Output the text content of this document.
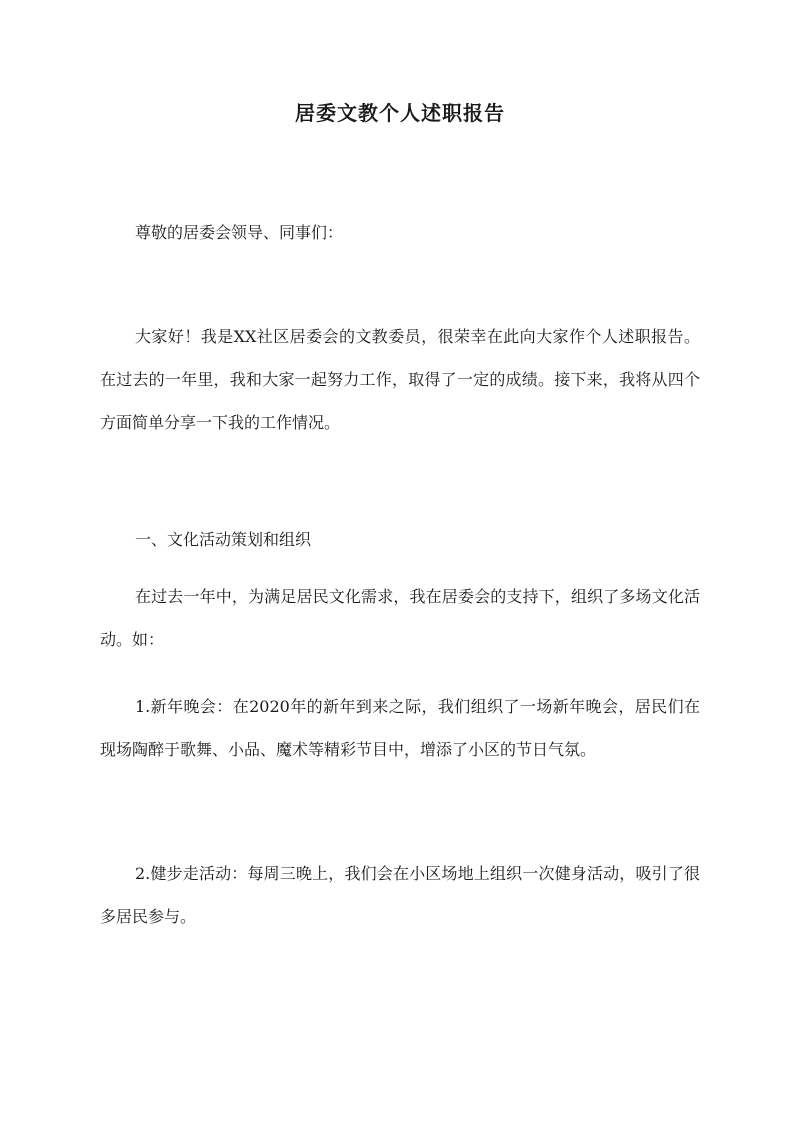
居委文教个人述职报告

尊敬的居委会领导、同事们：

大家好！我是XX社区居委会的文教委员，很荣幸在此向大家作个人述职报告。在过去的一年里，我和大家一起努力工作，取得了一定的成绩。接下来，我将从四个方面简单分享一下我的工作情况。

一、文化活动策划和组织

在过去一年中，为满足居民文化需求，我在居委会的支持下，组织了多场文化活动。如：

1.新年晚会：在2020年的新年到来之际，我们组织了一场新年晚会，居民们在现场陶醉于歌舞、小品、魔术等精彩节目中，增添了小区的节日气氛。

2.健步走活动：每周三晚上，我们会在小区场地上组织一次健身活动，吸引了很多居民参与。
